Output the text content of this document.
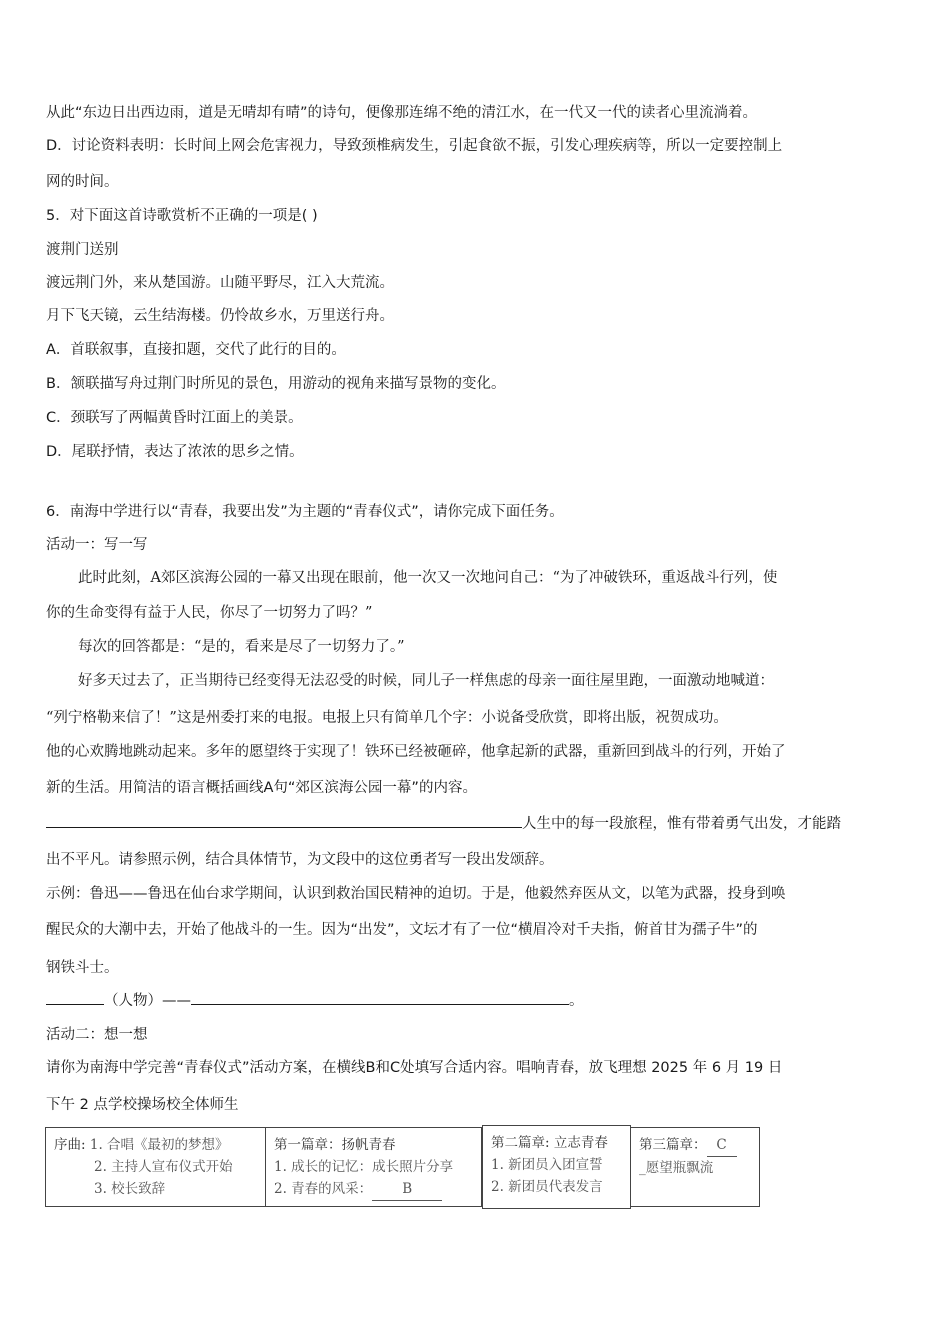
从此“东边日出西边雨，道是无晴却有晴”的诗句，便像那连绵不绝的清江水，在一代又一代的读者心里流淌着。
D．讨论资料表明：长时间上网会危害视力，导致颈椎病发生，引起食欲不振，引发心理疾病等，所以一定要控制上
网的时间。
5．对下面这首诗歌赏析不正确的一项是( )
渡荆门送别
渡远荆门外，来从楚国游。山随平野尽，江入大荒流。
月下飞天镜，云生结海楼。仍怜故乡水，万里送行舟。
A．首联叙事，直接扣题，交代了此行的目的。
B．颔联描写舟过荆门时所见的景色，用游动的视角来描写景物的变化。
C．颈联写了两幅黄昏时江面上的美景。
D．尾联抒情，表达了浓浓的思乡之情。
6．南海中学进行以“青春，我要出发”为主题的“青春仪式”，请你完成下面任务。
活动一：写一写
此时此刻，A郊区滨海公园的一幕又出现在眼前，他一次又一次地问自己：“为了冲破铁环，重返战斗行列，使
你的生命变得有益于人民，你尽了一切努力了吗？”
每次的回答都是：“是的，看来是尽了一切努力了。”
好多天过去了，正当期待已经变得无法忍受的时候，同儿子一样焦虑的母亲一面往屋里跑，一面激动地喊道：
“列宁格勒来信了！”这是州委打来的电报。电报上只有简单几个字：小说备受欣赏，即将出版，祝贺成功。
他的心欢腾地跳动起来。多年的愿望终于实现了！铁环已经被砸碎，他拿起新的武器，重新回到战斗的行列，开始了
新的生活。用简洁的语言概括画线A句“郊区滨海公园一幕”的内容。
人生中的每一段旅程，惟有带着勇气出发，才能踏
出不平凡。请参照示例，结合具体情节，为文段中的这位勇者写一段出发颂辞。
示例：鲁迅——鲁迅在仙台求学期间，认识到救治国民精神的迫切。于是，他毅然弃医从文，以笔为武器，投身到唤
醒民众的大潮中去，开始了他战斗的一生。因为“出发”，文坛才有了一位“横眉冷对千夫指，俯首甘为孺子牛”的
钢铁斗士。
（人物）——	。
活动二：想一想
请你为南海中学完善“青春仪式”活动方案，在横线B和C处填写合适内容。唱响青春，放飞理想 2025 年 6 月 19 日
下午 2 点学校操场校全体师生
序曲: 1. 合唱《最初的梦想》
2. 主持人宣布仪式开始
3. 校长致辞
第一篇章：扬帆青春
1. 成长的记忆：成长照片分享
2. 青春的风采： B
第二篇章: 立志青春
1. 新团员入团宣誓
2. 新团员代表发言
第三篇章： C
_愿望瓶飘流
